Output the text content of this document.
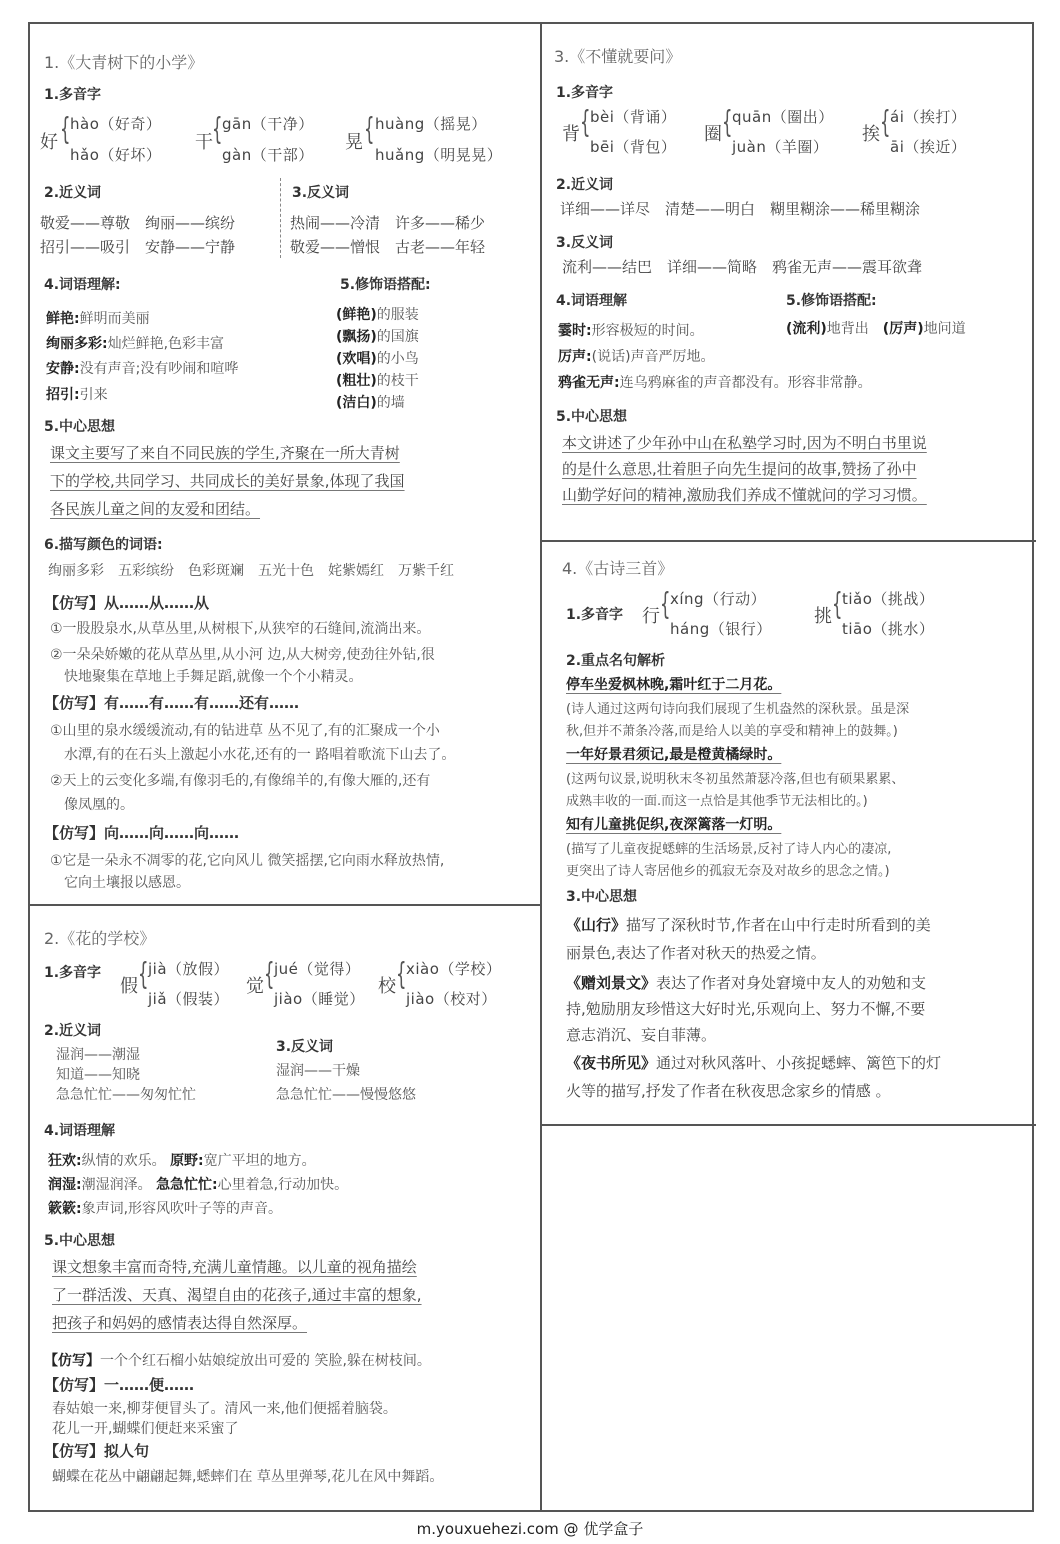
1.《大青树下的小学》
1.多音字
好 { hào（好奇）
hǎo（好坏）
干 { gān（干净）
gàn（干部）
晃 { huàng（摇晃）
huǎng（明晃晃）
2.近义词
敬爱——尊敬　绚丽——缤纷
招引——吸引　安静——宁静
3.反义词
热闹——冷清　许多——稀少
敬爱——憎恨　古老——年轻
4.词语理解:
鲜艳:鲜明而美丽
绚丽多彩:灿烂鲜艳,色彩丰富
安静:没有声音;没有吵闹和喧哗
招引:引来
5.修饰语搭配:
(鲜艳)的服装
(飘扬)的国旗
(欢唱)的小鸟
(粗壮)的枝干
(洁白)的墙
5.中心思想
课文主要写了来自不同民族的学生,齐聚在一所大青树
下的学校,共同学习、共同成长的美好景象,体现了我国
各民族儿童之间的友爱和团结。
6.描写颜色的词语:
绚丽多彩　五彩缤纷　色彩斑斓　五光十色　姹紫嫣红　万紫千红
【仿写】从……从……从
①一股股泉水,从草丛里,从树根下,从狭窄的石缝间,流淌出来。
②一朵朵娇嫩的花从草丛里,从小河 边,从大树旁,使劲往外钻,很
快地聚集在草地上手舞足蹈,就像一个个小精灵。
【仿写】有……有……有……还有……
①山里的泉水缓缓流动,有的钻进草 丛不见了,有的汇聚成一个小
水潭,有的在石头上激起小水花,还有的一 路唱着歌流下山去了。
②天上的云变化多端,有像羽毛的,有像绵羊的,有像大雁的,还有
像凤凰的。
【仿写】向……向……向……
①它是一朵永不凋零的花,它向风儿 微笑摇摆,它向雨水释放热情,
它向土壤报以感恩。
2.《花的学校》
1.多音字
假 { jià（放假）
jiǎ（假装）
觉 { jué（觉得）
jiào（睡觉）
校 { xiào（学校）
jiào（校对）
2.近义词
湿润——潮湿
知道——知晓
急急忙忙——匆匆忙忙
3.反义词
湿润——干燥
急急忙忙——慢慢悠悠
4.词语理解
狂欢:纵情的欢乐。 原野:宽广平坦的地方。
润湿:潮湿润泽。 急急忙忙:心里着急,行动加快。
簌簌:象声词,形容风吹叶子等的声音。
5.中心思想
课文想象丰富而奇特,充满儿童情趣。以儿童的视角描绘
了一群活泼、天真、渴望自由的花孩子,通过丰富的想象,
把孩子和妈妈的感情表达得自然深厚。
【仿写】一个个红石榴小姑娘绽放出可爱的 笑脸,躲在树枝间。
【仿写】一……便……
春姑娘一来,柳芽便冒头了。清风一来,他们便摇着脑袋。
花儿一开,蝴蝶们便赶来采蜜了
【仿写】拟人句
蝴蝶在花丛中翩翩起舞,蟋蟀们在 草丛里弹琴,花儿在风中舞蹈。
3.《不懂就要问》
1.多音字
背 { bèi（背诵）
bēi（背包）
圈 { quān（圈出）
juàn（羊圈）
挨 { ái（挨打）
āi（挨近）
2.近义词
详细——详尽　清楚——明白　糊里糊涂——稀里糊涂
3.反义词
流利——结巴　详细——简略　鸦雀无声——震耳欲聋
4.词语理解
霎时:形容极短的时间。
厉声:(说话)声音严厉地。
鸦雀无声:连乌鸦麻雀的声音都没有。形容非常静。
5.修饰语搭配:
(流利)地背出　 (厉声)地问道
5.中心思想
本文讲述了少年孙中山在私塾学习时,因为不明白书里说
的是什么意思,壮着胆子向先生提问的故事,赞扬了孙中
山勤学好问的精神,激励我们养成不懂就问的学习习惯。
4.《古诗三首》
1.多音字 行 { xíng（行动）
háng（银行）
挑 { tiǎo（挑战）
tiāo（挑水）
2.重点名句解析
停车坐爱枫林晚,霜叶红于二月花。
(诗人通过这两句诗向我们展现了生机盎然的深秋景。虽是深
秋,但并不萧条冷落,而是给人以美的享受和精神上的鼓舞。)
一年好景君须记,最是橙黄橘绿时。
(这两句议景,说明秋末冬初虽然萧瑟冷落,但也有硕果累累、
成熟丰收的一面.而这一点恰是其他季节无法相比的。)
知有儿童挑促织,夜深篱落一灯明。
(描写了儿童夜捉蟋蟀的生活场景,反衬了诗人内心的凄凉,
更突出了诗人寄居他乡的孤寂无奈及对故乡的思念之情。)
3.中心思想
《山行》描写了深秋时节,作者在山中行走时所看到的美
丽景色,表达了作者对秋天的热爱之情。
《赠刘景文》表达了作者对身处窘境中友人的劝勉和支
持,勉励朋友珍惜这大好时光,乐观向上、努力不懈,不要
意志消沉、妄自菲薄。
《夜书所见》通过对秋风落叶、小孩捉蟋蟀、篱笆下的灯
火等的描写,抒发了作者在秋夜思念家乡的情感 。
m.youxuehezi.com @ 优学盒子
